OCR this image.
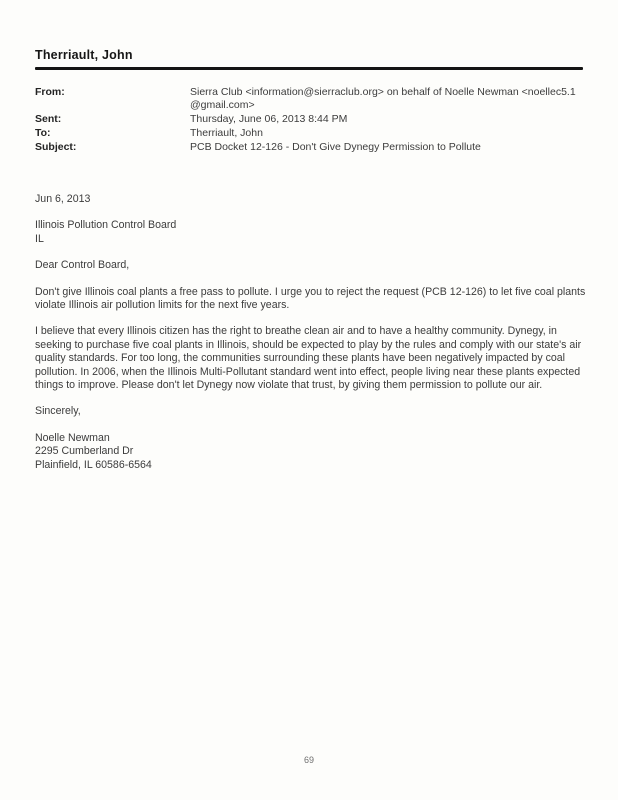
Therriault, John
From:	Sierra Club <information@sierraclub.org> on behalf of Noelle Newman <noellec5.1 @gmail.com>
Sent:	Thursday, June 06, 2013 8:44 PM
To:	Therriault, John
Subject:	PCB Docket 12-126 - Don't Give Dynegy Permission to Pollute
Jun 6, 2013
Illinois Pollution Control Board
IL
Dear Control Board,

Don't give Illinois coal plants a free pass to pollute. I urge you to reject the request (PCB 12-126) to let five coal plants violate Illinois air pollution limits for the next five years.

I believe that every Illinois citizen has the right to breathe clean air and to have a healthy community. Dynegy, in seeking to purchase five coal plants in Illinois, should be expected to play by the rules and comply with our state's air quality standards. For too long, the communities surrounding these plants have been negatively impacted by coal pollution. In 2006, when the Illinois Multi-Pollutant standard went into effect, people living near these plants expected things to improve. Please don't let Dynegy now violate that trust, by giving them permission to pollute our air.

Sincerely,
Noelle Newman
2295 Cumberland Dr
Plainfield, IL 60586-6564
69
